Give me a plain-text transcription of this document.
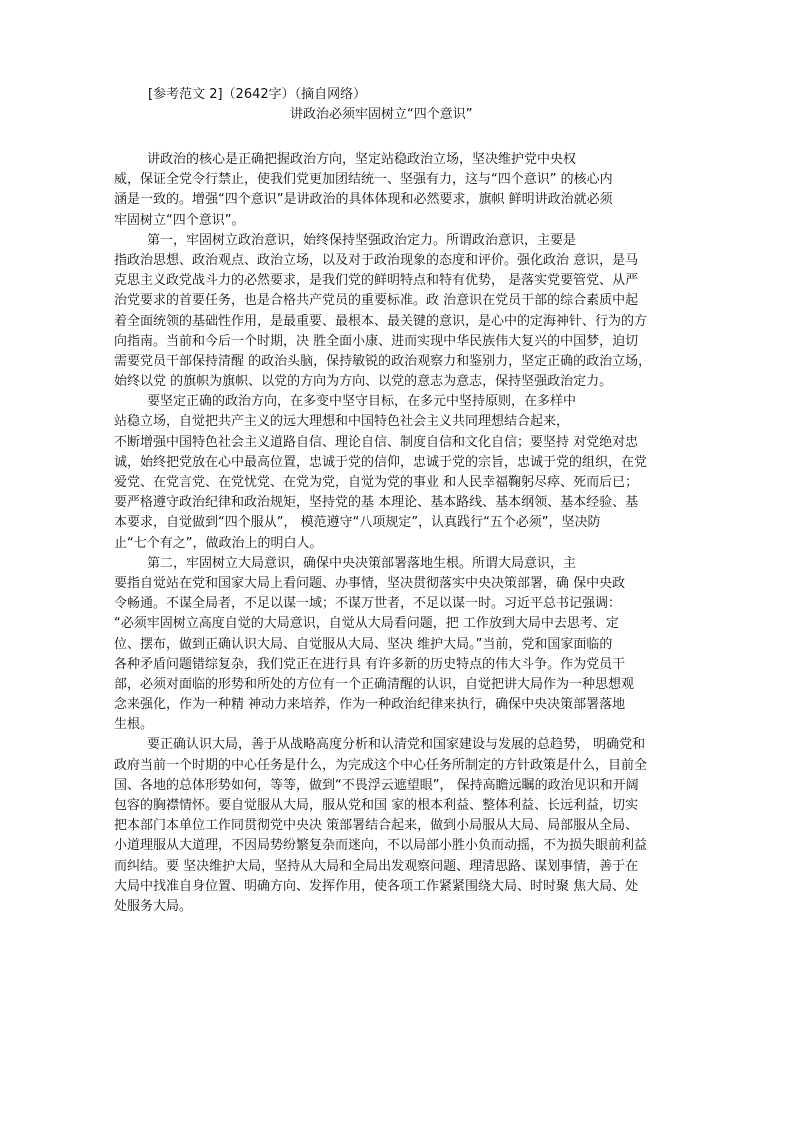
[参考范文 2]（2642字）（摘自网络）
讲政治必须牢固树立“四个意识”
讲政治的核心是正确把握政治方向，坚定站稳政治立场，坚决维护党中央权
威，保证全党令行禁止，使我们党更加团结统一、坚强有力，这与“四个意识” 的核心内
涵是一致的。增强“四个意识”是讲政治的具体体现和必然要求，旗帜 鲜明讲政治就必须
牢固树立“四个意识”。
第一，牢固树立政治意识，始终保持坚强政治定力。所谓政治意识，主要是
指政治思想、政治观点、政治立场，以及对于政治现象的态度和评价。强化政治 意识，是马
克思主义政党战斗力的必然要求，是我们党的鲜明特点和特有优势， 是落实党要管党、从严
治党要求的首要任务，也是合格共产党员的重要标准。政 治意识在党员干部的综合素质中起
着全面统领的基础性作用，是最重要、最根本、最关键的意识，是心中的定海神针、行为的方
向指南。当前和今后一个时期，决 胜全面小康、进而实现中华民族伟大复兴的中国梦，迫切
需要党员干部保持清醒 的政治头脑，保持敏锐的政治观察力和鉴别力，坚定正确的政治立场，
始终以党 的旗帜为旗帜、以党的方向为方向、以党的意志为意志，保持坚强政治定力。
要坚定正确的政治方向，在多变中坚守目标，在多元中坚持原则，在多样中
站稳立场，自觉把共产主义的远大理想和中国特色社会主义共同理想结合起来，
不断增强中国特色社会主义道路自信、理论自信、制度自信和文化自信；要坚持 对党绝对忠
诚，始终把党放在心中最高位置，忠诚于党的信仰，忠诚于党的宗旨，忠诚于党的组织，在党
爱党、在党言党、在党忧党、在党为党，自觉为党的事业 和人民幸福鞠躬尽瘁、死而后已；
要严格遵守政治纪律和政治规矩，坚持党的基 本理论、基本路线、基本纲领、基本经验、基
本要求，自觉做到“四个服从”， 模范遵守“八项规定”，认真践行“五个必须”，坚决防
止“七个有之”，做政治上的明白人。
第二，牢固树立大局意识，确保中央决策部署落地生根。所谓大局意识，主
要指自觉站在党和国家大局上看问题、办事情，坚决贯彻落实中央决策部署，确 保中央政
令畅通。不谋全局者，不足以谋一域；不谋万世者，不足以谋一时。习近平总书记强调：
“必须牢固树立高度自觉的大局意识，自觉从大局看问题，把 工作放到大局中去思考、定
位、摆布，做到正确认识大局、自觉服从大局、坚决 维护大局。”当前，党和国家面临的
各种矛盾问题错综复杂，我们党正在进行具 有许多新的历史特点的伟大斗争。作为党员干
部，必须对面临的形势和所处的方位有一个正确清醒的认识，自觉把讲大局作为一种思想观
念来强化，作为一种精 神动力来培养，作为一种政治纪律来执行，确保中央决策部署落地
生根。
要正确认识大局，善于从战略高度分析和认清党和国家建设与发展的总趋势， 明确党和
政府当前一个时期的中心任务是什么，为完成这个中心任务所制定的方针政策是什么，目前全
国、各地的总体形势如何，等等，做到“不畏浮云遮望眼”， 保持高瞻远瞩的政治见识和开阔
包容的胸襟情怀。要自觉服从大局，服从党和国 家的根本利益、整体利益、长远利益，切实
把本部门本单位工作同贯彻党中央决 策部署结合起来，做到小局服从大局、局部服从全局、
小道理服从大道理，不因局势纷繁复杂而迷向，不以局部小胜小负而动摇，不为损失眼前利益
而纠结。要 坚决维护大局，坚持从大局和全局出发观察问题、理清思路、谋划事情，善于在
大局中找准自身位置、明确方向、发挥作用，使各项工作紧紧围绕大局、时时聚 焦大局、处
处服务大局。
